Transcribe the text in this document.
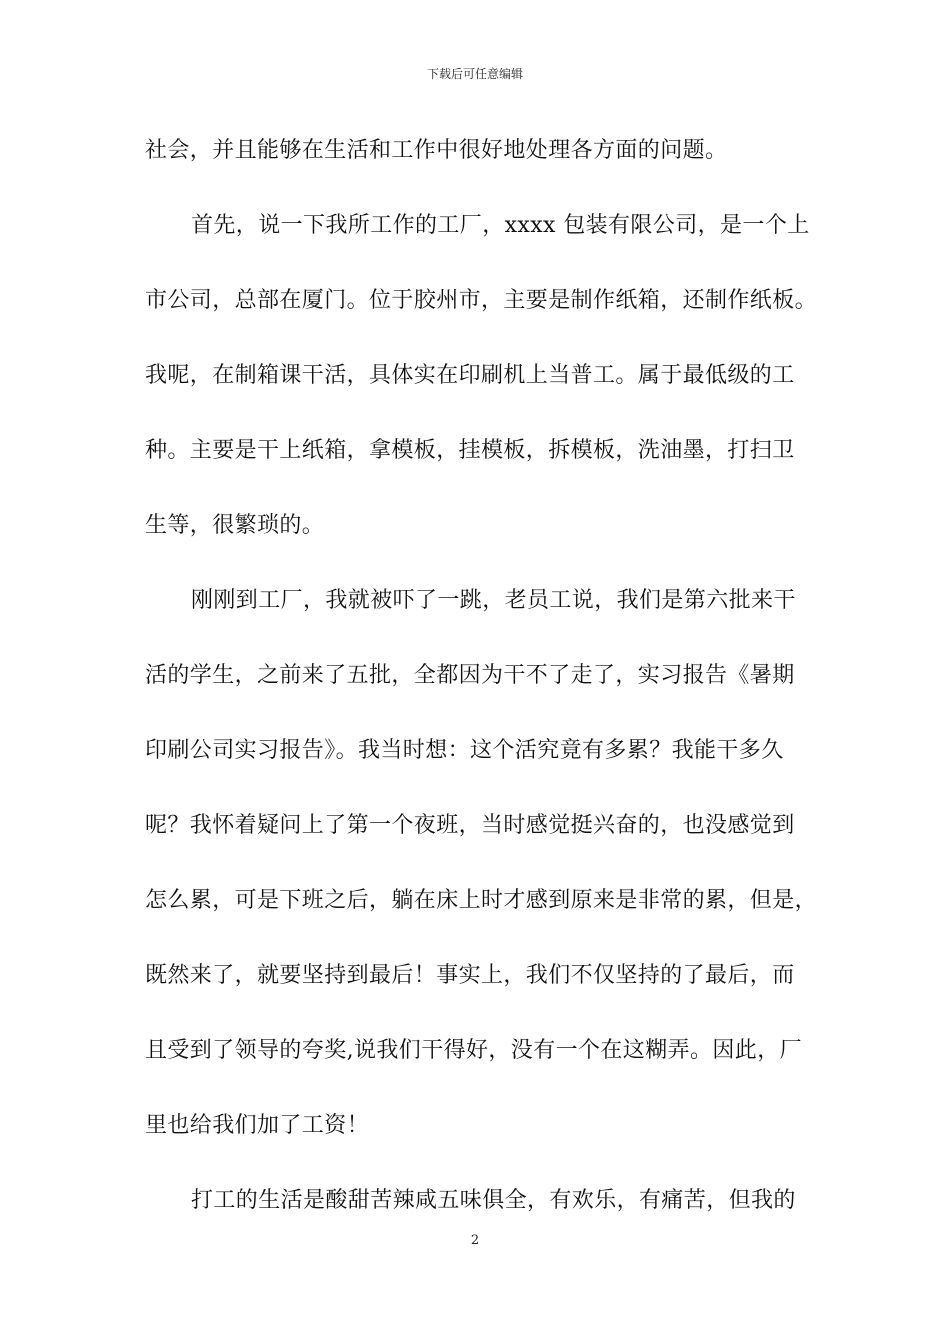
下载后可任意编辑
社会，并且能够在生活和工作中很好地处理各方面的问题。
首先，说一下我所工作的工厂，xxxx 包装有限公司，是一个上
市公司，总部在厦门。位于胶州市，主要是制作纸箱，还制作纸板。
我呢，在制箱课干活，具体实在印刷机上当普工。属于最低级的工
种。主要是干上纸箱，拿模板，挂模板，拆模板，洗油墨，打扫卫
生等，很繁琐的。
刚刚到工厂，我就被吓了一跳，老员工说，我们是第六批来干
活的学生，之前来了五批，全都因为干不了走了，实习报告《暑期
印刷公司实习报告》。我当时想：这个活究竟有多累？我能干多久
呢？我怀着疑问上了第一个夜班，当时感觉挺兴奋的，也没感觉到
怎么累，可是下班之后，躺在床上时才感到原来是非常的累，但是，
既然来了，就要坚持到最后！事实上，我们不仅坚持的了最后，而
且受到了领导的夸奖,说我们干得好，没有一个在这糊弄。因此，厂
里也给我们加了工资！
打工的生活是酸甜苦辣咸五味俱全，有欢乐，有痛苦，但我的
2
